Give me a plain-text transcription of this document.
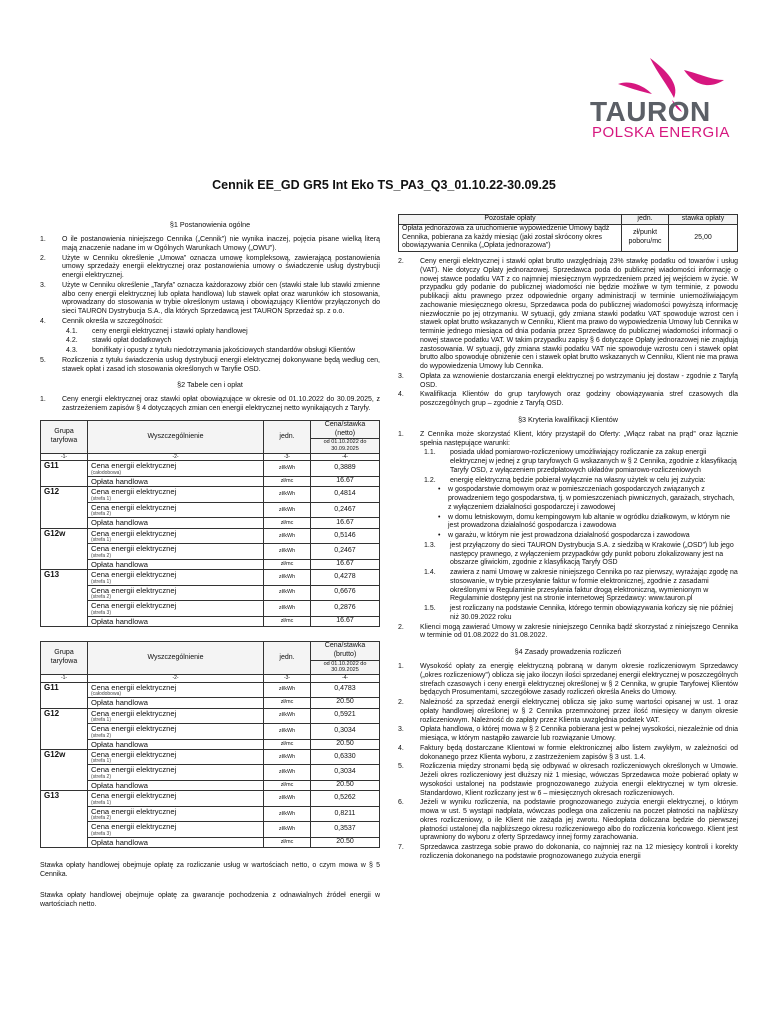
TAURON
POLSKA ENERGIA
Cennik EE_GD GR5 Int Eko TS_PA3_Q3_01.10.22-30.09.25
§1 Postanowienia ogólne
1.	O ile postanowienia niniejszego Cennika („Cennik”) nie wynika inaczej, pojęcia pisane wielką literą mają znaczenie nadane im w Ogólnych Warunkach Umowy („OWU”).
2.	Użyte w Cenniku określenie „Umowa” oznacza umowę kompleksową, zawierającą postanowienia umowy sprzedaży energii elektrycznej oraz postanowienia umowy o świadczenie usług dystrybucji energii elektrycznej.
3.	Użyte w Cenniku określenie „Taryfa” oznacza każdorazowy zbiór cen (stawki stałe lub stawki zmienne albo ceny energii elektrycznej lub opłata handlowa) lub stawek opłat oraz warunków ich stosowania, wprowadzany do stosowania w trybie określonym ustawą i obowiązujący Klientów przyłączonych do sieci TAURON Dystrybucja S.A., dla których Sprzedawcą jest TAURON Sprzedaż sp. z o.o.
4.	Cennik określa w szczególności:
4.1.	ceny energii elektrycznej i stawki opłaty handlowej
4.2.	stawki opłat dodatkowych
4.3.	bonifikaty i opusty z tytułu niedotrzymania jakościowych standardów obsługi Klientów
5.	Rozliczenia z tytułu świadczenia usług dystrybucji energii elektrycznej dokonywane będą według cen, stawek opłat i zasad ich stosowania określonych w Taryfie OSD.
§2 Tabele cen i opłat
1.	Ceny energii elektrycznej oraz stawki opłat obowiązujące w okresie od 01.10.2022 do 30.09.2025, z zastrzeżeniem zapisów § 4 dotyczących zmian cen energii elektrycznej netto wynikających z Taryfy.
Grupa taryfowa	Wyszczególnienie	jedn.	Cena/stawka (netto)
			od 01.10.2022 do 30.09.2025
-1-	-2-	-3-	-4-
G11	Cena energii elektrycznej
(całodobowa)	zł/kWh	0,3889
	Opłata handlowa	zł/mc	16.67
G12	Cena energii elektrycznej
(strefa 1)	zł/kWh	0,4814
	Cena energii elektrycznej
(strefa 2)	zł/kWh	0,2467
	Opłata handlowa	zł/mc	16.67
G12w	Cena energii elektrycznej
(strefa 1)	zł/kWh	0,5146
	Cena energii elektrycznej
(strefa 2)	zł/kWh	0,2467
	Opłata handlowa	zł/mc	16.67
G13	Cena energii elektrycznej
(strefa 1)	zł/kWh	0,4278
	Cena energii elektrycznej
(strefa 2)	zł/kWh	0,6676
	Cena energii elektrycznej
(strefa 3)	zł/kWh	0,2876
	Opłata handlowa	zł/mc	16.67
Grupa taryfowa	Wyszczególnienie	jedn.	Cena/stawka (brutto)
			od 01.10.2022 do 30.09.2025
-1-	-2-	-3-	-4-
G11	Cena energii elektrycznej
(całodobowa)	zł/kWh	0,4783
	Opłata handlowa	zł/mc	20.50
G12	Cena energii elektrycznej
(strefa 1)	zł/kWh	0,5921
	Cena energii elektrycznej
(strefa 2)	zł/kWh	0,3034
	Opłata handlowa	zł/mc	20.50
G12w	Cena energii elektrycznej
(strefa 1)	zł/kWh	0,6330
	Cena energii elektrycznej
(strefa 2)	zł/kWh	0,3034
	Opłata handlowa	zł/mc	20.50
G13	Cena energii elektrycznej
(strefa 1)	zł/kWh	0,5262
	Cena energii elektrycznej
(strefa 2)	zł/kWh	0,8211
	Cena energii elektrycznej
(strefa 3)	zł/kWh	0,3537
	Opłata handlowa	zł/mc	20.50
Stawka opłaty handlowej obejmuje opłatę za rozliczanie usług w wartościach netto, o czym mowa w § 5 Cennika.
Stawka opłaty handlowej obejmuje opłatę za gwarancje pochodzenia z odnawialnych źródeł energii w wartościach netto.
Pozostałe opłaty	jedn.	stawka opłaty
Opłata jednorazowa za uruchomienie wypowiedzenie Umowy bądź Cennika, pobierana za każdy miesiąc (jaki został skrócony okres obowiązywania Cennika („Opłata jednorazowa”)	zł/punkt poboru/mc	25,00
2.	Ceny energii elektrycznej i stawki opłat brutto uwzględniają 23% stawkę podatku od towarów i usług (VAT). Nie dotyczy Opłaty jednorazowej. Sprzedawca poda do publicznej wiadomości informację o nowej stawce podatku VAT z co najmniej miesięcznym wyprzedzeniem przed jej wejściem w życie. W przypadku gdy podanie do publicznej wiadomości nie będzie możliwe w tym terminie, z powodu publikacji aktu prawnego przez odpowiednie organy administracji w terminie uniemożliwiającym zachowanie miesięcznego okresu, Sprzedawca poda do publicznej wiadomości powyższą informację niezwłocznie po jej otrzymaniu. W sytuacji, gdy zmiana stawki podatku VAT spowoduje wzrost cen i stawek opłat brutto wskazanych w Cenniku, Klient ma prawo do wypowiedzenia Umowy lub Cennika w terminie jednego miesiąca od dnia podania przez Sprzedawcę do publicznej wiadomości informacji o nowej stawce podatku VAT. W takim przypadku zapisy § 6 dotyczące Opłaty jednorazowej nie znajdują zastosowania. W sytuacji, gdy zmiana stawki podatku VAT nie spowoduje wzrostu cen i stawek opłat brutto albo spowoduje obniżenie cen i stawek opłat brutto wskazanych w Cenniku, Klient nie ma prawa do wypowiedzenia Umowy lub Cennika.
3.	Opłata za wznowienie dostarczania energii elektrycznej po wstrzymaniu jej dostaw - zgodnie z Taryfą OSD.
4.	Kwalifikacja Klientów do grup taryfowych oraz godziny obowiązywania stref czasowych dla poszczególnych grup – zgodnie z Taryfą OSD.
§3 Kryteria kwalifikacji Klientów
1.	Z Cennika może skorzystać Klient, który przystąpił do Oferty: „Włącz rabat na prąd” oraz łącznie spełnia następujące warunki:
1.1.	posiada układ pomiarowo-rozliczeniowy umożliwiający rozliczanie za zakup energii elektrycznej w jednej z grup taryfowych G wskazanych w § 2 Cennika, zgodnie z klasyfikacją Taryfy OSD, z wyłączeniem przedpłatowych układów pomiarowo-rozliczeniowych
1.2.	energię elektryczną będzie pobierał wyłącznie na własny użytek w celu jej zużycia:
•	w gospodarstwie domowym oraz w pomieszczeniach gospodarczych związanych z prowadzeniem tego gospodarstwa, tj. w pomieszczeniach piwnicznych, garażach, strychach, z wyłączeniem działalności gospodarczej i zawodowej
•	w domu letniskowym, domu kempingowym lub altanie w ogródku działkowym, w którym nie jest prowadzona działalność gospodarcza i zawodowa
•	w garażu, w którym nie jest prowadzona działalność gospodarcza i zawodowa
1.3.	jest przyłączony do sieci TAURON Dystrybucja S.A. z siedzibą w Krakowie („OSD”) lub jego następcy prawnego, z wyłączeniem przypadków gdy punkt poboru zlokalizowany jest na obszarze gliwickim, zgodnie z klasyfikacją Taryfy OSD
1.4.	zawiera z nami Umowę w zakresie niniejszego Cennika po raz pierwszy, wyrażając zgodę na stosowanie, w trybie przesyłanie faktur w formie elektronicznej, zgodnie z zasadami określonymi w Regulaminie przesyłania faktur drogą elektroniczną, wymienionym w Regulaminie dostępny jest na stronie internetowej Sprzedawcy: www.tauron.pl
1.5.	jest rozliczany na podstawie Cennika, którego termin obowiązywania kończy się nie później niż 30.09.2022 roku
2.	Klienci mogą zawierać Umowy w zakresie niniejszego Cennika bądź skorzystać z niniejszego Cennika w terminie od 01.08.2022 do 31.08.2022.
§4 Zasady prowadzenia rozliczeń
1.	Wysokość opłaty za energię elektryczną pobraną w danym okresie rozliczeniowym Sprzedawcy („okres rozliczeniowy”) oblicza się jako iloczyn ilości sprzedanej energii elektrycznej w poszczególnych strefach czasowych i ceny energii elektrycznej określonej w § 2 Cennika, w grupie Taryfowej Klientów będących Prosumentami, szczegółowe zasady rozliczeń określa Aneks do Umowy.
2.	Należność za sprzedaż energii elektrycznej oblicza się jako sumę wartości opisanej w ust. 1 oraz opłaty handlowej określonej w § 2 Cennika przemnożonej przez ilość miesięcy w danym okresie rozliczeniowym. Należność do zapłaty przez Klienta uwzględnia podatek VAT.
3.	Opłata handlowa, o której mowa w § 2 Cennika pobierana jest w pełnej wysokości, niezależnie od dnia miesiąca, w którym nastąpiło zawarcie lub rozwiązanie Umowy.
4.	Faktury będą dostarczane Klientowi w formie elektronicznej albo listem zwykłym, w zależności od dokonanego przez Klienta wyboru, z zastrzeżeniem zapisów § 3 ust. 1.4.
5.	Rozliczenia między stronami będą się odbywać w okresach rozliczeniowych określonych w Umowie. Jeżeli okres rozliczeniowy jest dłuższy niż 1 miesiąc, wówczas Sprzedawca może pobierać opłaty w wysokości ustalonej na podstawie prognozowanego zużycia energii elektrycznej w tym okresie. Standardowo, Klient rozliczany jest w 6 – miesięcznych okresach rozliczeniowych.
6.	Jeżeli w wyniku rozliczenia, na podstawie prognozowanego zużycia energii elektrycznej, o którym mowa w ust. 5 wystąpi nadpłata, wówczas podlega ona zaliczeniu na poczet płatności na najbliższy okres rozliczeniowy, o ile Klient nie zażąda jej zwrotu. Niedopłata doliczana będzie do pierwszej płatności ustalonej dla najbliższego okresu rozliczeniowego albo do rozliczenia końcowego. Klient jest uprawniony do wyboru z oferty Sprzedawcy innej formy zarachowania.
7.	Sprzedawca zastrzega sobie prawo do dokonania, co najmniej raz na 12 miesięcy kontroli i korekty rozliczenia dokonanego na podstawie prognozowanego zużycia energii
